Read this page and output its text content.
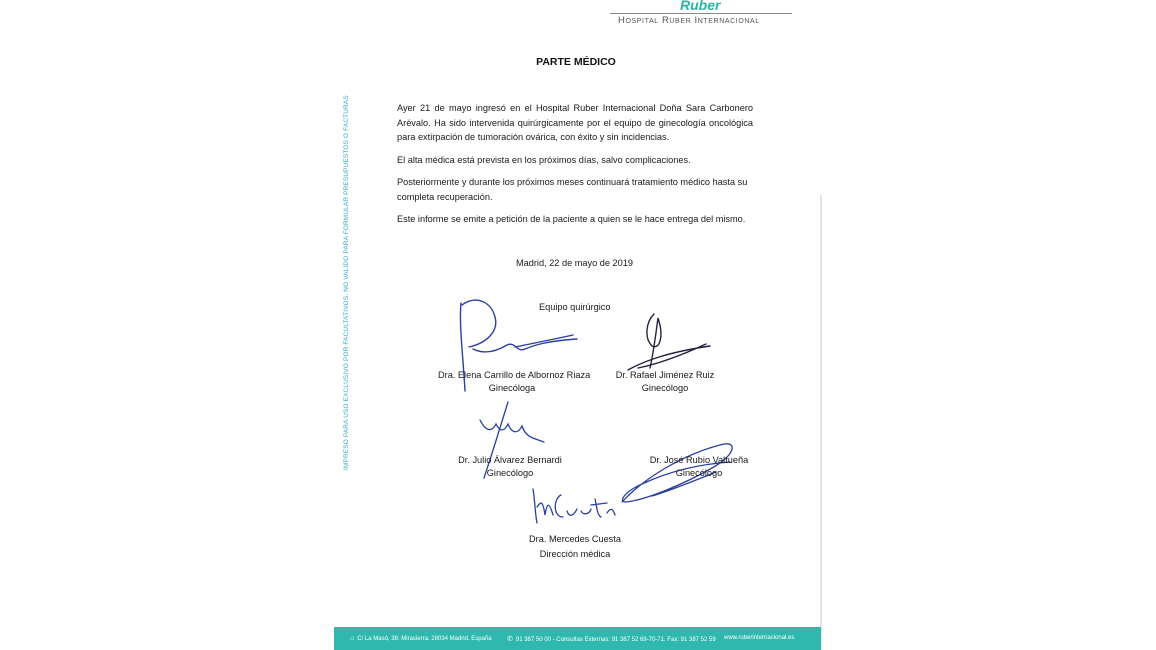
Ruber
Hospital Ruber Internacional
PARTE MÉDICO

Ayer 21 de mayo ingresó en el Hospital Ruber Internacional Doña Sara Carbonero Arévalo. Ha sido intervenida quirúrgicamente por el equipo de ginecología oncológica para extirpación de tumoración ovárica, con éxito y sin incidencias.

El alta médica está prevista en los próximos días, salvo complicaciones.

Posteriormente y durante los próximos meses continuará tratamiento médico hasta su completa recuperación.

Este informe se emite a petición de la paciente a quien se le hace entrega del mismo.

Madrid, 22 de mayo de 2019
Equipo quirúrgico
Dra. Elena Carrillo de Albornoz Riaza
Ginecóloga
Dr. Rafael Jiménez Ruiz
Ginecólogo
Dr. Julio Álvarez Bernardi
Ginecólogo
Dr. José Rubio Valtueña
Ginecólogo
Dra. Mercedes Cuesta
Dirección médica
IMPRESO PARA USO EXCLUSIVO POR FACULTATIVOS. NO VALIDO PARA FORMULAR PRESUPUESTOS O FACTURAS
⌂ C/ La Masó, 38. Mirasierra. 28034 Madrid. España ✆ 91 387 50 00 - Consultas Externas: 91 387 52 69-70-71. Fax: 91 387 52 59 www.ruberinternacional.es
